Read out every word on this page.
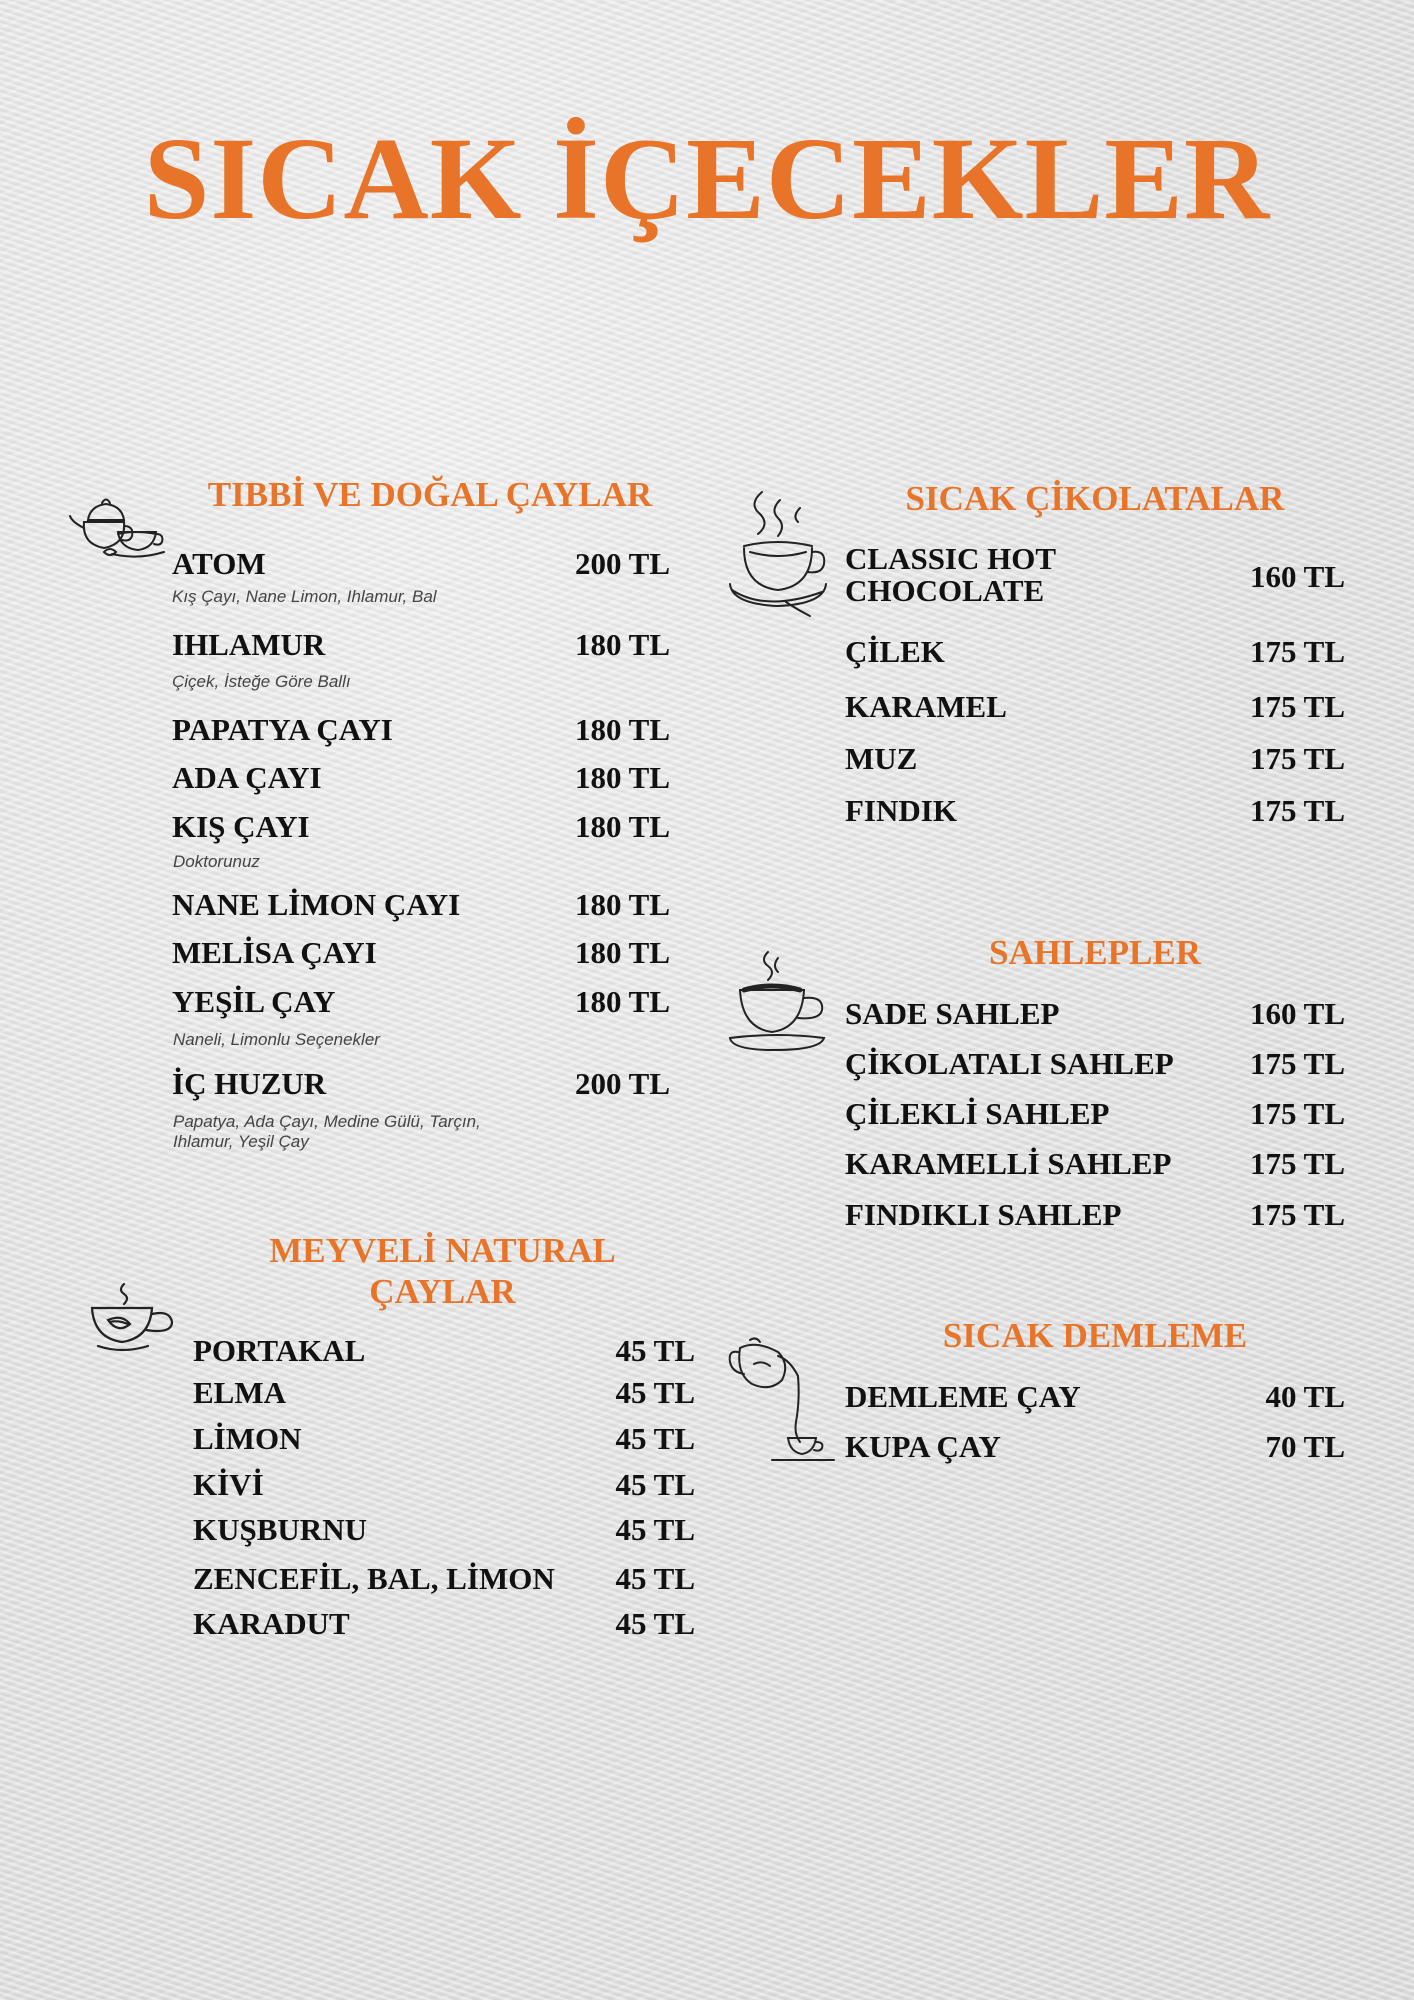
SICAK İÇECEKLER
TIBBİ VE DOĞAL ÇAYLAR
ATOM	200 TL
Kış Çayı, Nane Limon, Ihlamur, Bal
IHLAMUR	180 TL
Çiçek, İsteğe Göre Ballı
PAPATYA ÇAYI	180 TL
ADA ÇAYI	180 TL
KIŞ ÇAYI	180 TL
Doktorunuz
NANE LİMON ÇAYI	180 TL
MELİSA ÇAYI	180 TL
YEŞİL ÇAY	180 TL
Naneli, Limonlu Seçenekler
İÇ HUZUR	200 TL
Papatya, Ada Çayı, Medine Gülü, Tarçın,
Ihlamur, Yeşil Çay
MEYVELİ NATURAL
ÇAYLAR
PORTAKAL	45 TL
ELMA	45 TL
LİMON	45 TL
KİVİ	45 TL
KUŞBURNU	45 TL
ZENCEFİL, BAL, LİMON	45 TL
KARADUT	45 TL
SICAK ÇİKOLATALAR
CLASSIC HOT
CHOCOLATE	160 TL
ÇİLEK	175 TL
KARAMEL	175 TL
MUZ	175 TL
FINDIK	175 TL
SAHLEPLER
SADE SAHLEP	160 TL
ÇİKOLATALI SAHLEP	175 TL
ÇİLEKLİ SAHLEP	175 TL
KARAMELLİ SAHLEP	175 TL
FINDIKLI SAHLEP	175 TL
SICAK DEMLEME
DEMLEME ÇAY	40 TL
KUPA ÇAY	70 TL
